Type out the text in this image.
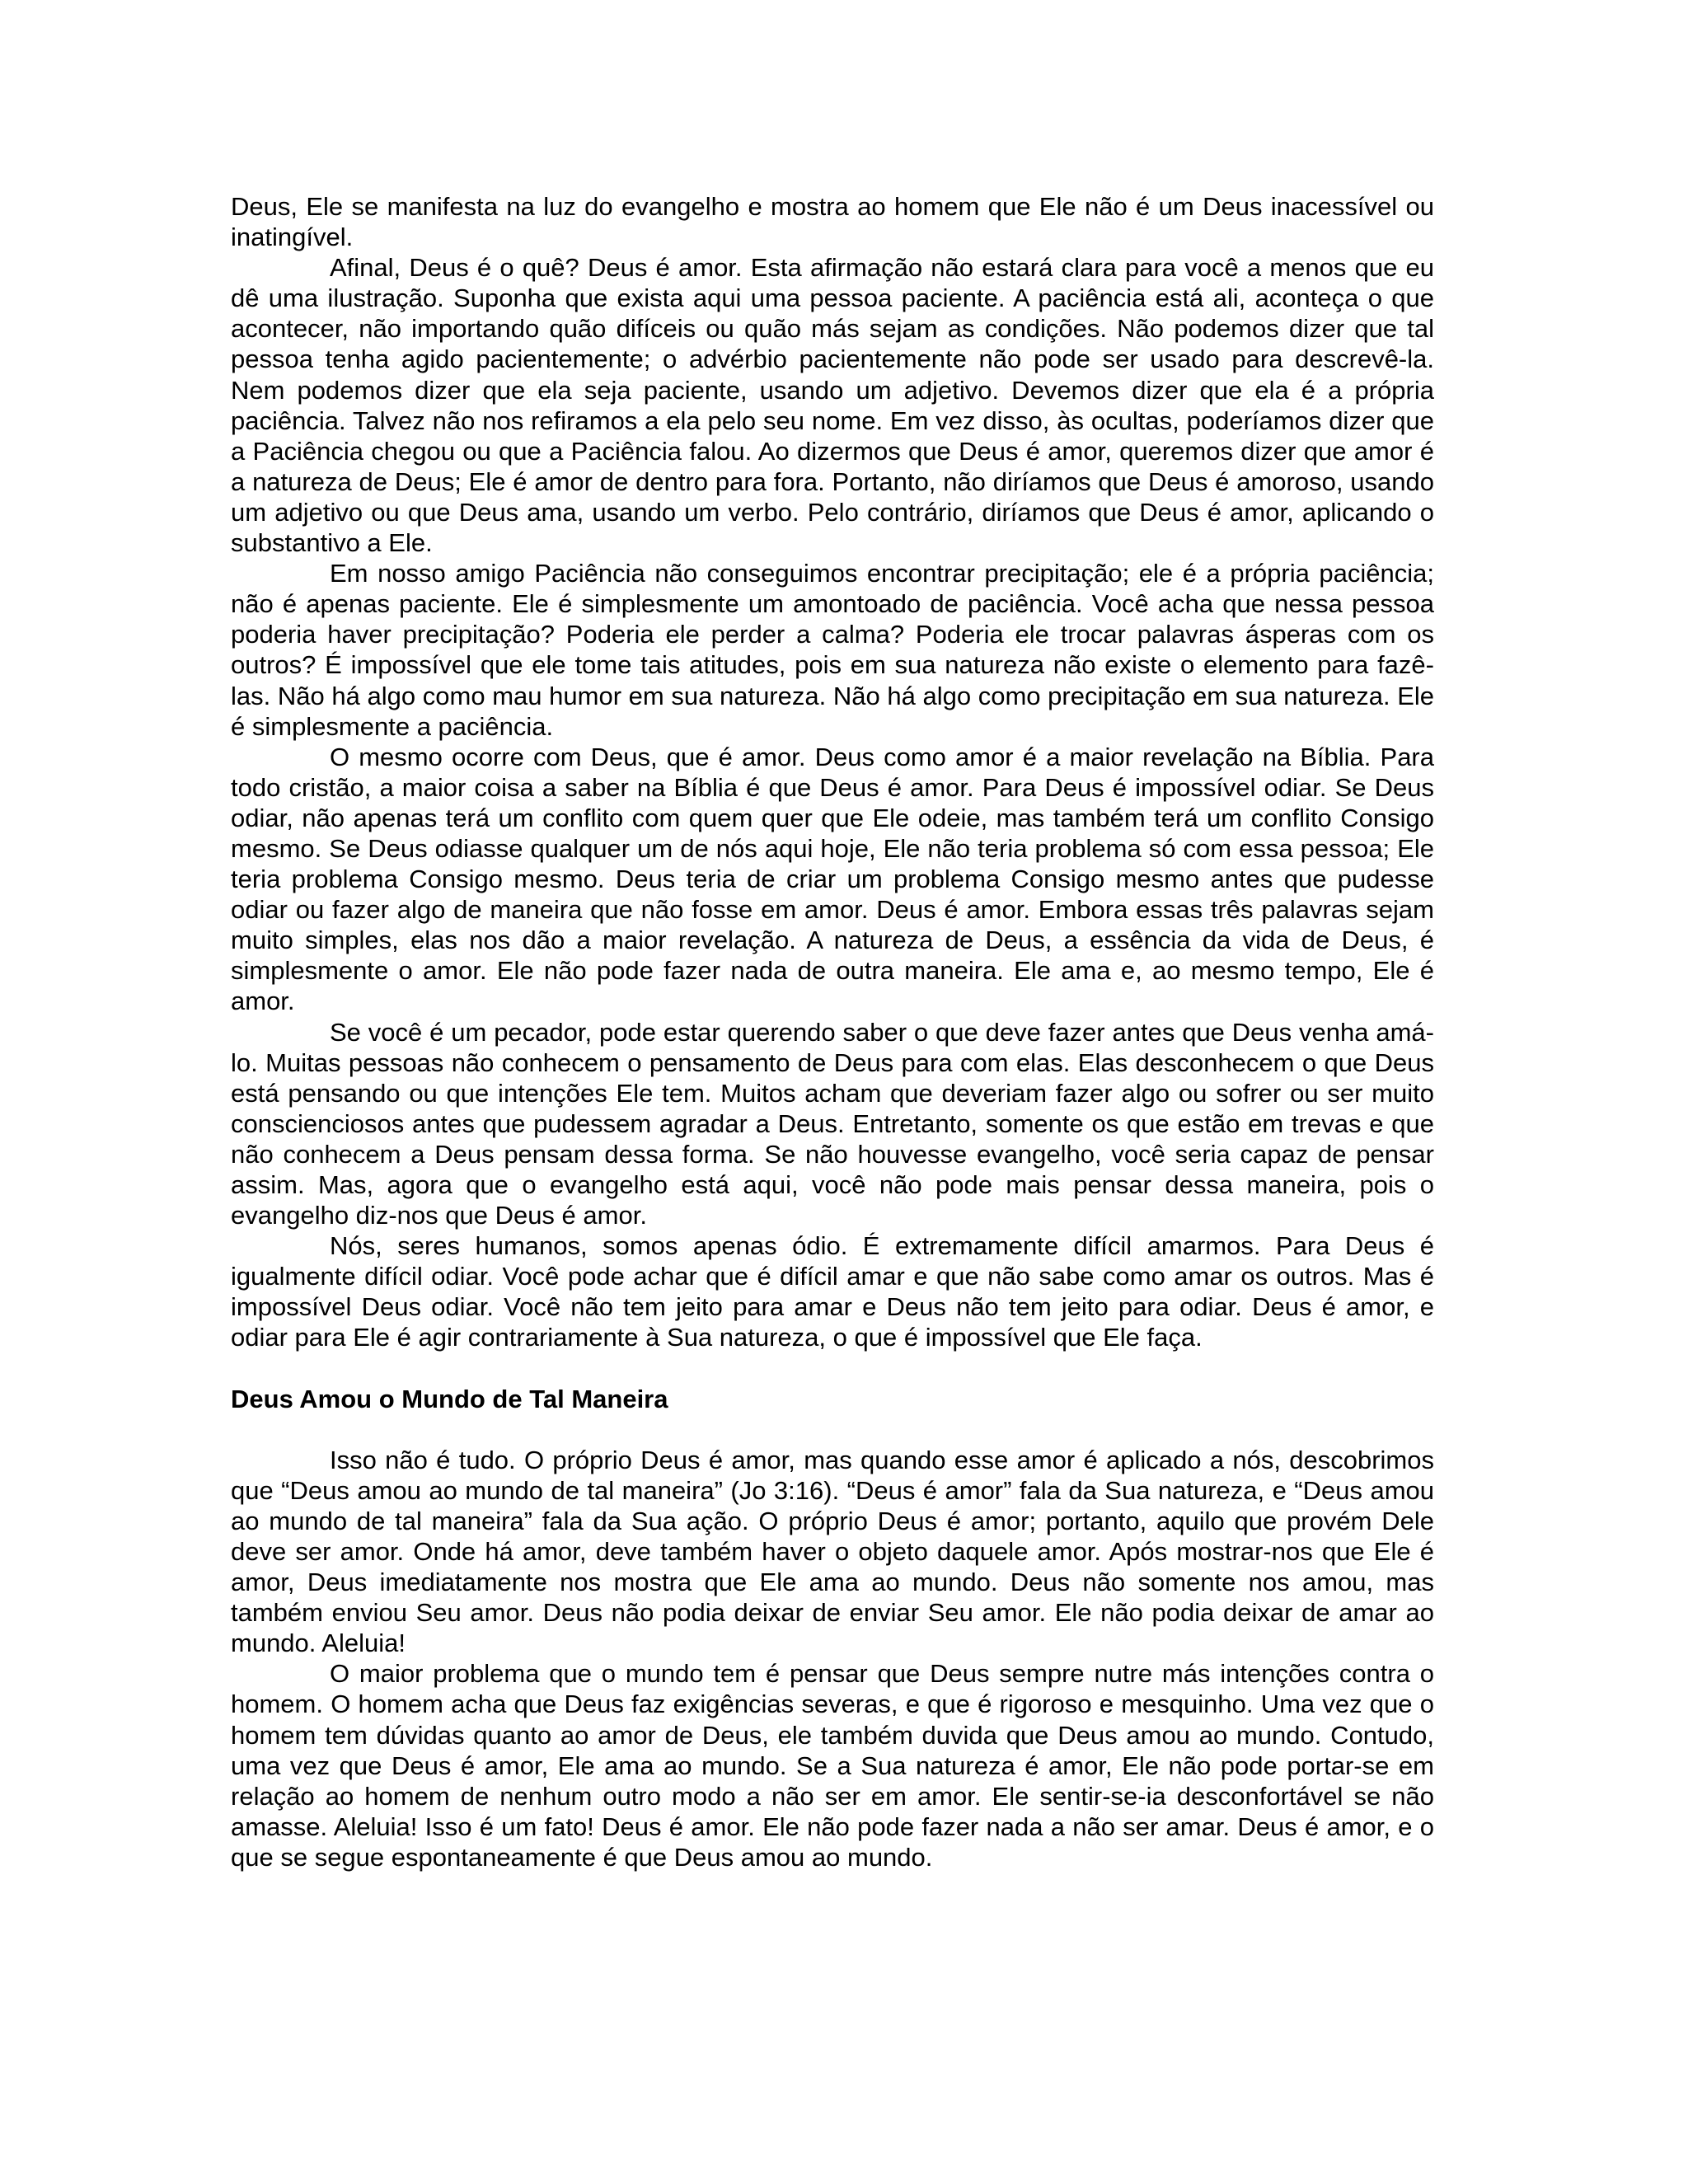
Deus, Ele se manifesta na luz do evangelho e mostra ao homem que Ele não é um Deus inacessível ou inatingível.

Afinal, Deus é o quê? Deus é amor. Esta afirmação não estará clara para você a menos que eu dê uma ilustração. Suponha que exista aqui uma pessoa paciente. A paciência está ali, aconteça o que acontecer, não importando quão difíceis ou quão más sejam as condições. Não podemos dizer que tal pessoa tenha agido pacientemente; o advérbio pacientemente não pode ser usado para descrevê-la. Nem podemos dizer que ela seja paciente, usando um adjetivo. Devemos dizer que ela é a própria paciência. Talvez não nos refiramos a ela pelo seu nome. Em vez disso, às ocultas, poderíamos dizer que a Paciência chegou ou que a Paciência falou. Ao dizermos que Deus é amor, queremos dizer que amor é a natureza de Deus; Ele é amor de dentro para fora. Portanto, não diríamos que Deus é amoroso, usando um adjetivo ou que Deus ama, usando um verbo. Pelo contrário, diríamos que Deus é amor, aplicando o substantivo a Ele.

Em nosso amigo Paciência não conseguimos encontrar precipitação; ele é a própria paciência; não é apenas paciente. Ele é simplesmente um amontoado de paciência. Você acha que nessa pessoa poderia haver precipitação? Poderia ele perder a calma? Poderia ele trocar palavras ásperas com os outros? É impossível que ele tome tais atitudes, pois em sua natureza não existe o elemento para fazê-las. Não há algo como mau humor em sua natureza. Não há algo como precipitação em sua natureza. Ele é simplesmente a paciência.

O mesmo ocorre com Deus, que é amor. Deus como amor é a maior revelação na Bíblia. Para todo cristão, a maior coisa a saber na Bíblia é que Deus é amor. Para Deus é impossível odiar. Se Deus odiar, não apenas terá um conflito com quem quer que Ele odeie, mas também terá um conflito Consigo mesmo. Se Deus odiasse qualquer um de nós aqui hoje, Ele não teria problema só com essa pessoa; Ele teria problema Consigo mesmo. Deus teria de criar um problema Consigo mesmo antes que pudesse odiar ou fazer algo de maneira que não fosse em amor. Deus é amor. Embora essas três palavras sejam muito simples, elas nos dão a maior revelação. A natureza de Deus, a essência da vida de Deus, é simplesmente o amor. Ele não pode fazer nada de outra maneira. Ele ama e, ao mesmo tempo, Ele é amor.

Se você é um pecador, pode estar querendo saber o que deve fazer antes que Deus venha amá-lo. Muitas pessoas não conhecem o pensamento de Deus para com elas. Elas desconhecem o que Deus está pensando ou que intenções Ele tem. Muitos acham que deveriam fazer algo ou sofrer ou ser muito conscienciosos antes que pudessem agradar a Deus. Entretanto, somente os que estão em trevas e que não conhecem a Deus pensam dessa forma. Se não houvesse evangelho, você seria capaz de pensar assim. Mas, agora que o evangelho está aqui, você não pode mais pensar dessa maneira, pois o evangelho diz-nos que Deus é amor.

Nós, seres humanos, somos apenas ódio. É extremamente difícil amarmos. Para Deus é igualmente difícil odiar. Você pode achar que é difícil amar e que não sabe como amar os outros. Mas é impossível Deus odiar. Você não tem jeito para amar e Deus não tem jeito para odiar. Deus é amor, e odiar para Ele é agir contrariamente à Sua natureza, o que é impossível que Ele faça.

Deus Amou o Mundo de Tal Maneira

Isso não é tudo. O próprio Deus é amor, mas quando esse amor é aplicado a nós, descobrimos que “Deus amou ao mundo de tal maneira” (Jo 3:16). “Deus é amor” fala da Sua natureza, e “Deus amou ao mundo de tal maneira” fala da Sua ação. O próprio Deus é amor; portanto, aquilo que provém Dele deve ser amor. Onde há amor, deve também haver o objeto daquele amor. Após mostrar-nos que Ele é amor, Deus imediatamente nos mostra que Ele ama ao mundo. Deus não somente nos amou, mas também enviou Seu amor. Deus não podia deixar de enviar Seu amor. Ele não podia deixar de amar ao mundo. Aleluia!

O maior problema que o mundo tem é pensar que Deus sempre nutre más intenções contra o homem. O homem acha que Deus faz exigências severas, e que é rigoroso e mesquinho. Uma vez que o homem tem dúvidas quanto ao amor de Deus, ele também duvida que Deus amou ao mundo. Contudo, uma vez que Deus é amor, Ele ama ao mundo. Se a Sua natureza é amor, Ele não pode portar-se em relação ao homem de nenhum outro modo a não ser em amor. Ele sentir-se-ia desconfortável se não amasse. Aleluia! Isso é um fato! Deus é amor. Ele não pode fazer nada a não ser amar. Deus é amor, e o que se segue espontaneamente é que Deus amou ao mundo.
